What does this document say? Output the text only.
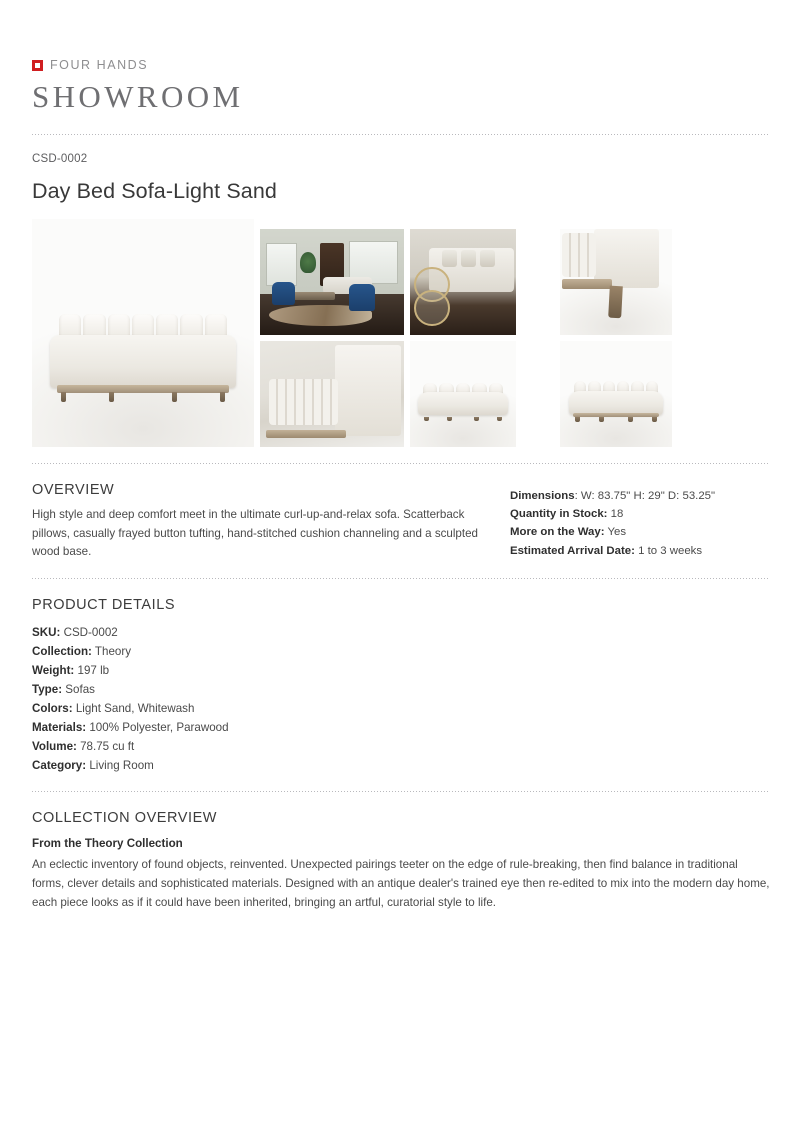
FOUR HANDS
SHOWROOM
CSD-0002
Day Bed Sofa-Light Sand
OVERVIEW
High style and deep comfort meet in the ultimate curl-up-and-relax sofa. Scatterback pillows, casually frayed button tufting, hand-stitched cushion channeling and a sculpted wood base.
Dimensions: W: 83.75" H: 29" D: 53.25"
Quantity in Stock: 18
More on the Way: Yes
Estimated Arrival Date: 1 to 3 weeks
PRODUCT DETAILS
SKU: CSD-0002
Collection: Theory
Weight: 197 lb
Type: Sofas
Colors: Light Sand, Whitewash
Materials: 100% Polyester, Parawood
Volume: 78.75 cu ft
Category: Living Room
COLLECTION OVERVIEW
From the Theory Collection
An eclectic inventory of found objects, reinvented. Unexpected pairings teeter on the edge of rule-breaking, then find balance in traditional forms, clever details and sophisticated materials. Designed with an antique dealer's trained eye then re-edited to mix into the modern day home, each piece looks as if it could have been inherited, bringing an artful, curatorial style to life.
